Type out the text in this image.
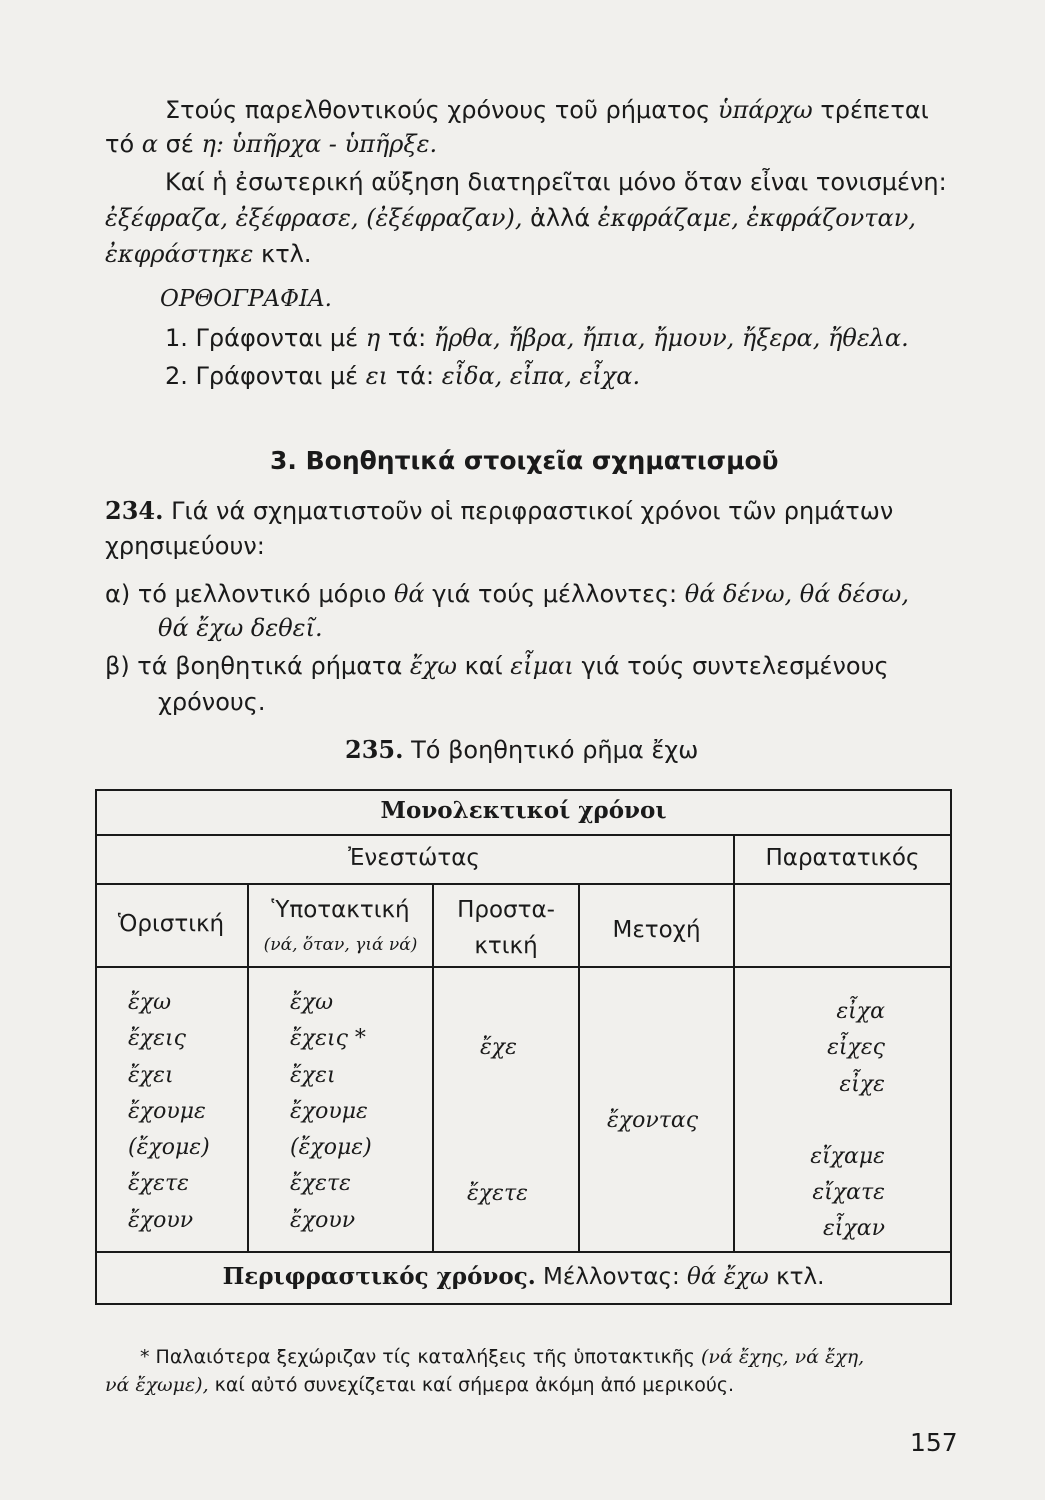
Στούς παρελθοντικούς χρόνους τοῦ ρήματος ὑπάρχω τρέπεται
τό α σέ η: ὑπῆρχα - ὑπῆρξε.
Καί ἡ ἐσωτερική αὔξηση διατηρεῖται μόνο ὅταν εἶναι τονισμένη:
ἐξέφραζα, ἐξέφρασε, (ἐξέφραζαν), ἀλλά ἐκφράζαμε, ἐκφράζονταν,
ἐκφράστηκε κτλ.
ΟΡΘΟΓΡΑΦΙΑ.
1. Γράφονται μέ η τά: ἤρθα, ἤβρα, ἤπια, ἤμουν, ἤξερα, ἤθελα.
2. Γράφονται μέ ει τά: εἶδα, εἶπα, εἶχα.
3. Βοηθητικά στοιχεῖα σχηματισμοῦ
234. Γιά νά σχηματιστοῦν οἱ περιφραστικοί χρόνοι τῶν ρημάτων
χρησιμεύουν:
α) τό μελλοντικό μόριο θά γιά τούς μέλλοντες: θά δένω, θά δέσω,
θά ἔχω δεθεῖ.
β) τά βοηθητικά ρήματα ἔχω καί εἶμαι γιά τούς συντελεσμένους
χρόνους.
235. Τό βοηθητικό ρῆμα ἔχω
Μονολεκτικοί χρόνοι
Ἐνεστώτας	Παρατατικός
Ὁριστική
Ὑποτακτική
(νά, ὅταν, γιά νά)
Προστα-
κτική
Μετοχή
ἔχω
ἔχεις
ἔχει
ἔχουμε
(ἔχομε)
ἔχετε
ἔχουν
ἔχω
ἔχεις *
ἔχει
ἔχουμε
(ἔχομε)
ἔχετε
ἔχουν
ἔχε
ἔχετε
ἔχοντας
εἶχα
εἶχες
εἶχε
εἴχαμε
εἴχατε
εἶχαν
Περιφραστικός χρόνος. Μέλλοντας: θά ἔχω κτλ.
* Παλαιότερα ξεχώριζαν τίς καταλήξεις τῆς ὑποτακτικῆς (νά ἔχης, νά ἔχη,
νά ἔχωμε), καί αὐτό συνεχίζεται καί σήμερα ἀκόμη ἀπό μερικούς.
157
